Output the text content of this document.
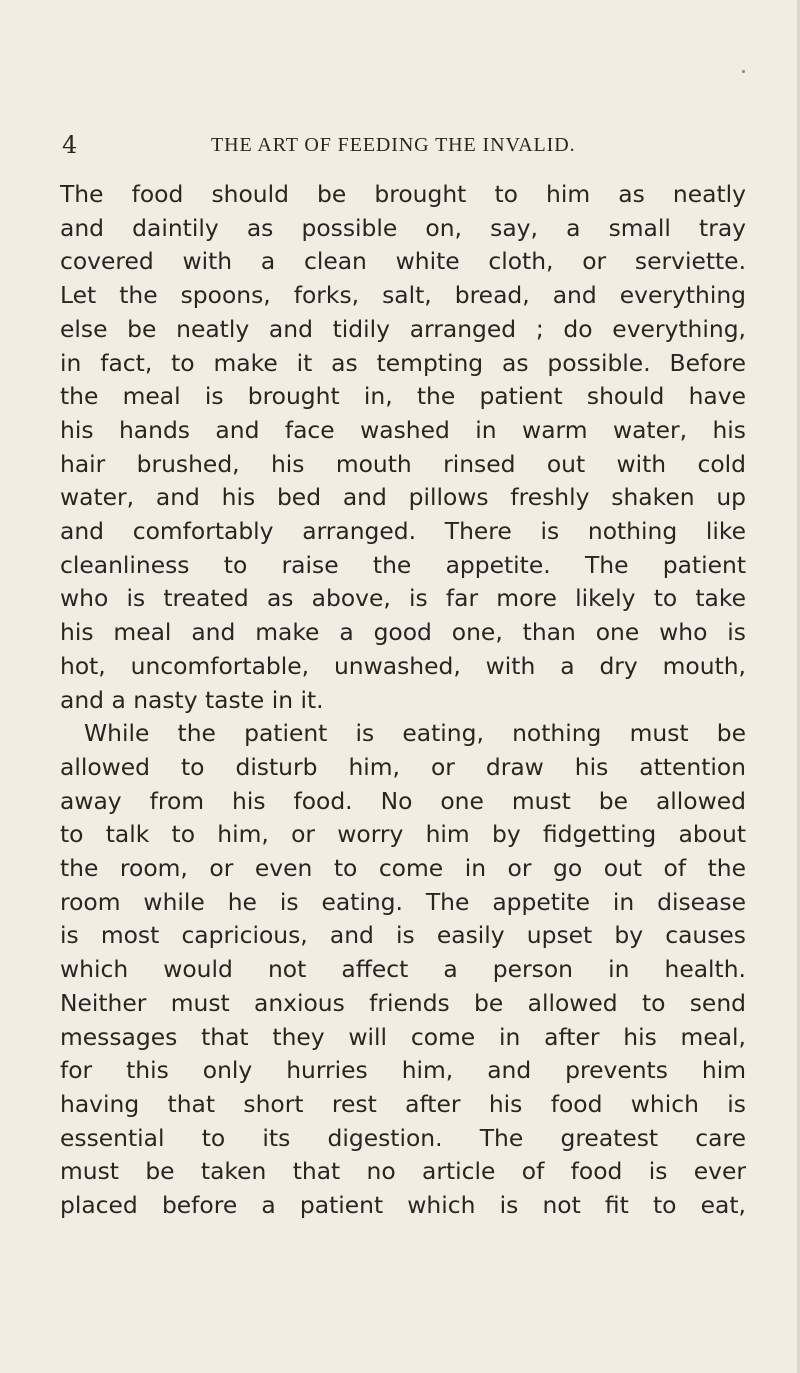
4	THE ART OF FEEDING THE INVALID.
The food should be brought to him as neatly
and daintily as possible on, say, a small tray
covered with a clean white cloth, or serviette.
Let the spoons, forks, salt, bread, and everything
else be neatly and tidily arranged ; do everything,
in fact, to make it as tempting as possible. Before
the meal is brought in, the patient should have
his hands and face washed in warm water, his
hair brushed, his mouth rinsed out with cold
water, and his bed and pillows freshly shaken up
and comfortably arranged. There is nothing like
cleanliness to raise the appetite. The patient
who is treated as above, is far more likely to take
his meal and make a good one, than one who is
hot, uncomfortable, unwashed, with a dry mouth,
and a nasty taste in it.
While the patient is eating, nothing must be
allowed to disturb him, or draw his attention
away from his food. No one must be allowed
to talk to him, or worry him by fidgetting about
the room, or even to come in or go out of the
room while he is eating. The appetite in disease
is most capricious, and is easily upset by causes
which would not affect a person in health.
Neither must anxious friends be allowed to send
messages that they will come in after his meal,
for this only hurries him, and prevents him
having that short rest after his food which is
essential to its digestion. The greatest care
must be taken that no article of food is ever
placed before a patient which is not fit to eat,
